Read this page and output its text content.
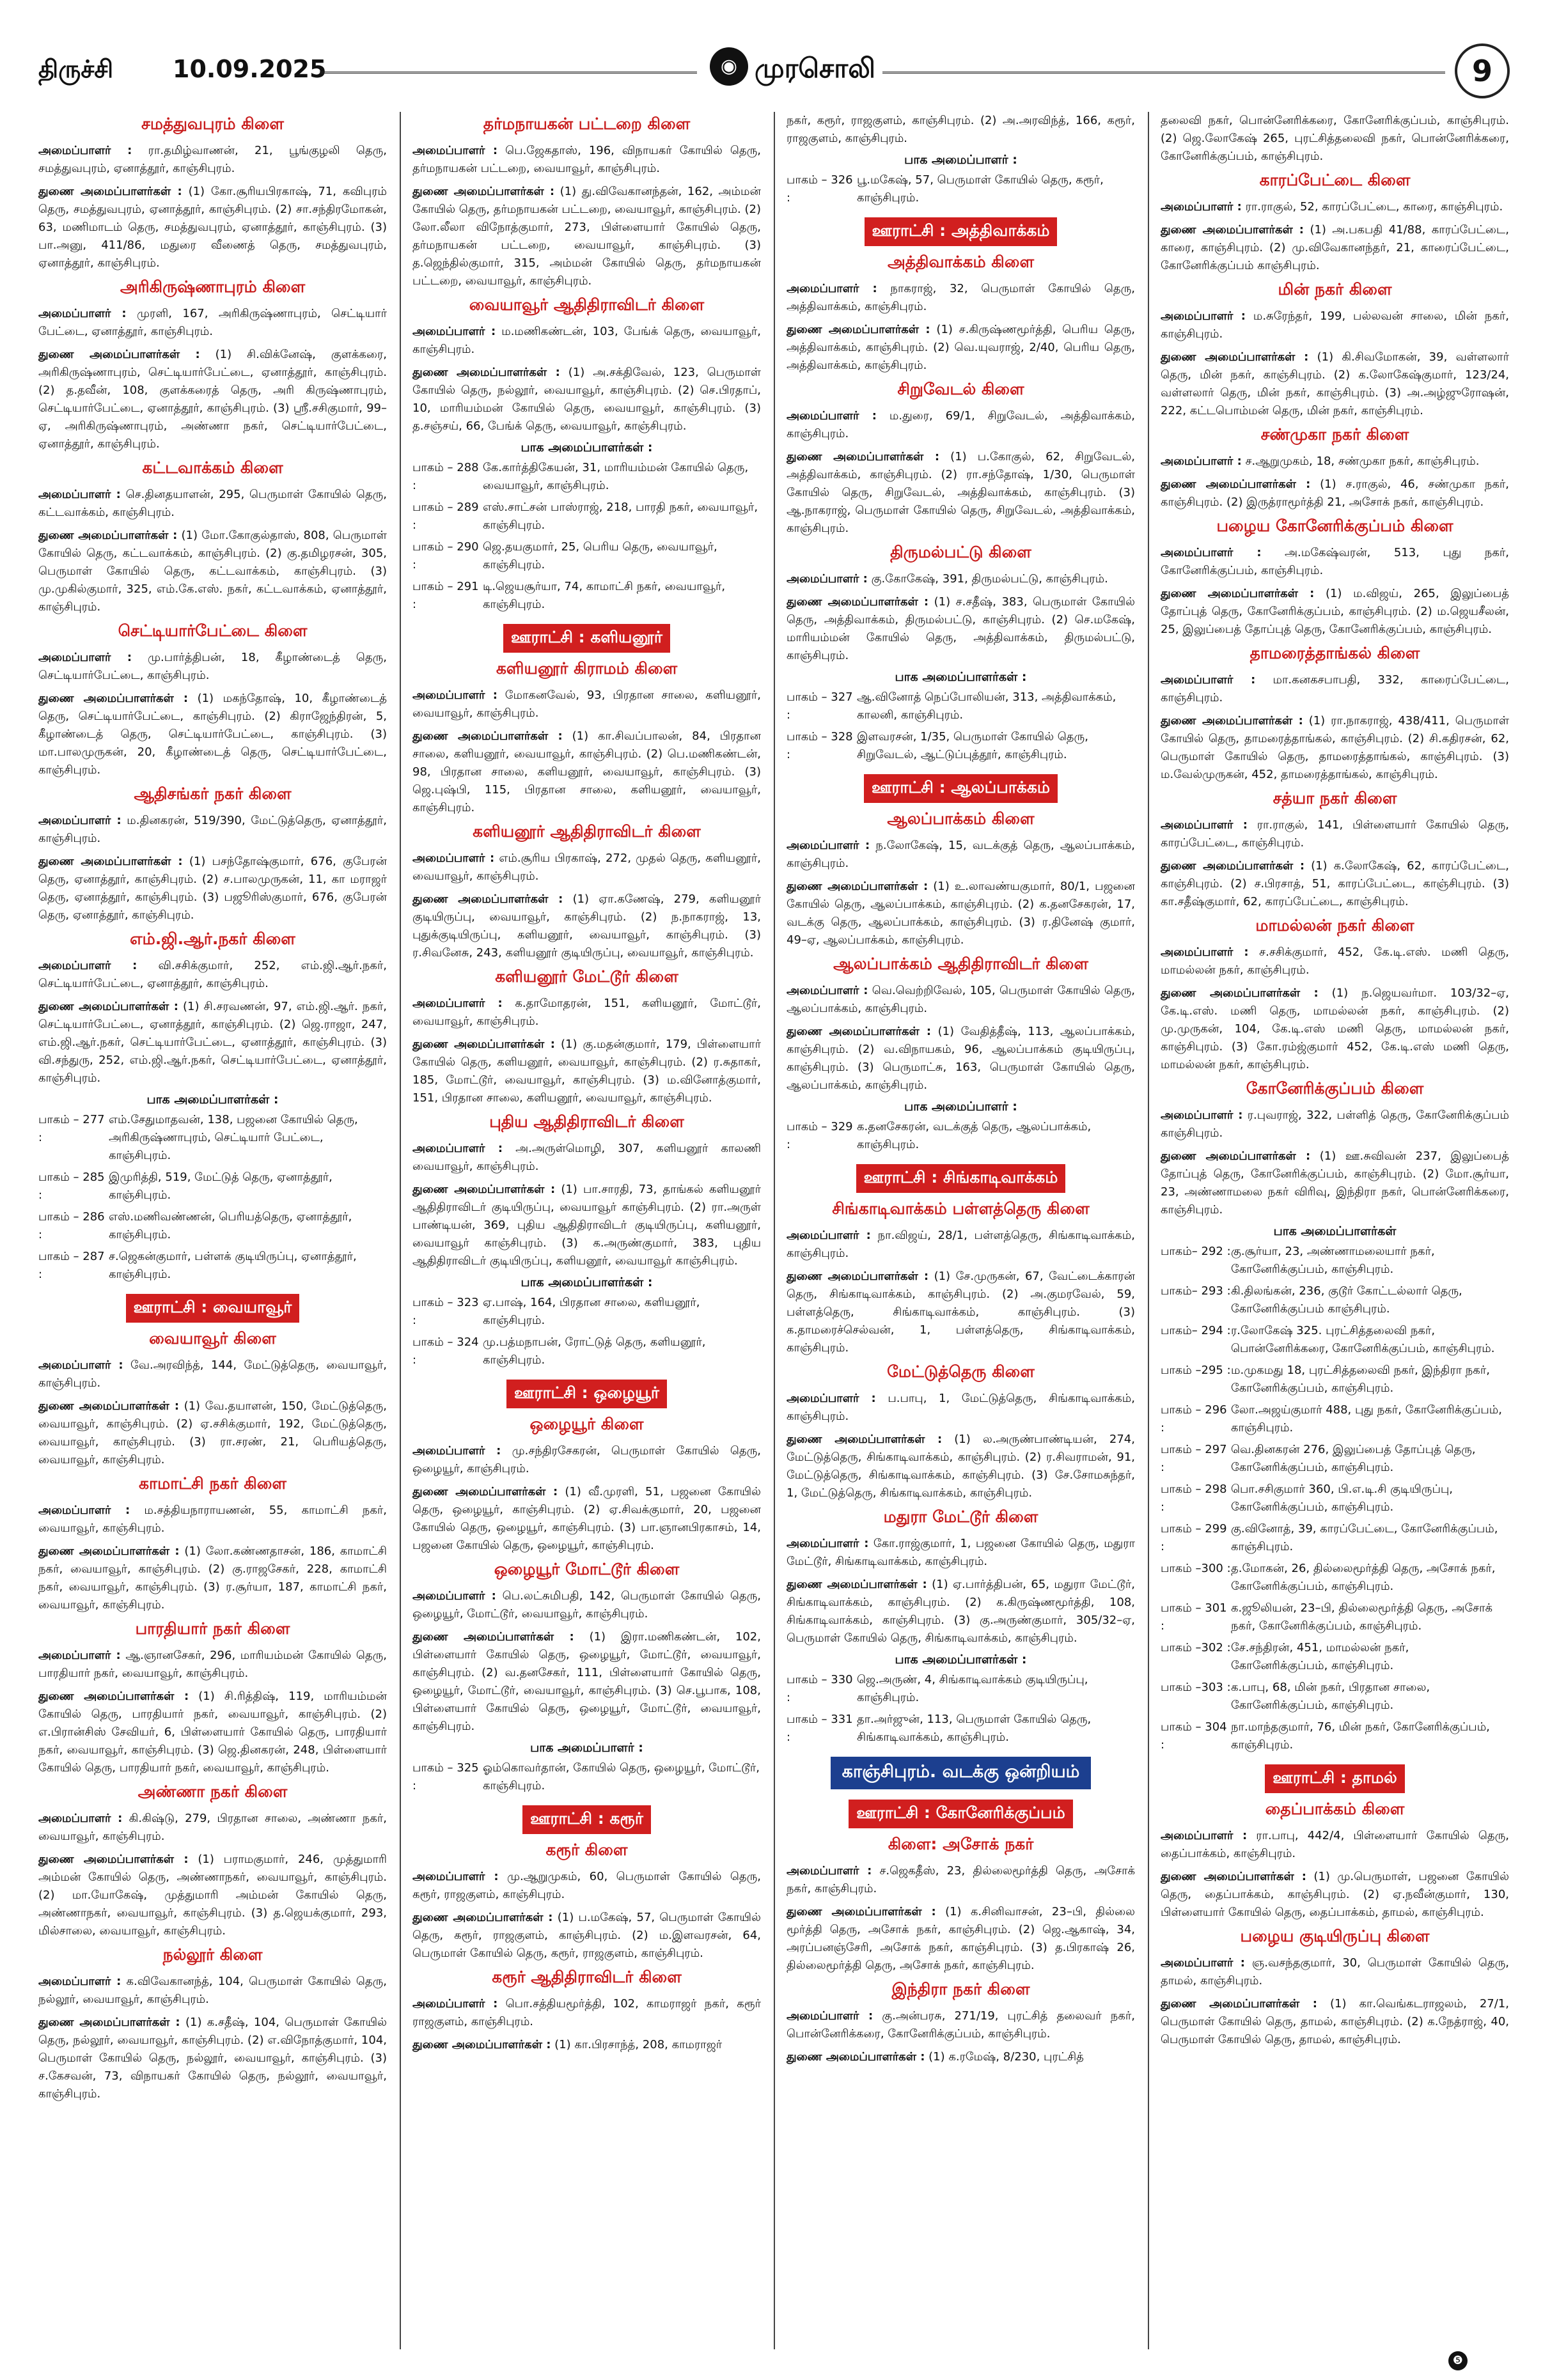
திருச்சி 10.09.2025	◉ முரசொலி	9
சமத்துவபுரம் கிளை

அமைப்பாளர் : ரா.தமிழ்வாணன், 21, பூங்குழலி தெரு, சமத்துவபுரம், ஏனாத்தூர், காஞ்சிபுரம்.

துணை அமைப்பாளர்கள் : (1) கோ.சூரியபிரகாஷ், 71, கவிபுரம் தெரு, சமத்துவபுரம், ஏனாத்தூர், காஞ்சிபுரம். (2) சா.சந்திரமோகன், 63, மணிமாடம் தெரு, சமத்துவபுரம், ஏனாத்தூர், காஞ்சிபுரம். (3) பா.அனு, 411/86, மதுரை வீணைத் தெரு, சமத்துவபுரம், ஏனாத்தூர், காஞ்சிபுரம்.

அரிகிருஷ்ணாபுரம் கிளை

அமைப்பாளர் : முரளி, 167, அரிகிருஷ்ணாபுரம், செட்டியார் பேட்டை, ஏனாத்தூர், காஞ்சிபுரம்.

துணை அமைப்பாளர்கள் : (1) சி.விக்னேஷ், குளக்கரை, அரிகிருஷ்ணாபுரம், செட்டியார்பேட்டை, ஏனாத்தூர், காஞ்சிபுரம். (2) த.தவீன், 108, குளக்கரைத் தெரு, அரி கிருஷ்ணாபுரம், செட்டியார்பேட்டை, ஏனாத்தூர், காஞ்சிபுரம். (3) ஸ்ரீ.சசிகுமார், 99–ஏ, அரிகிருஷ்ணாபுரம், அண்ணா நகர், செட்டியார்பேட்டை, ஏனாத்தூர், காஞ்சிபுரம்.

கட்டவாக்கம் கிளை

அமைப்பாளர் : செ.தினதயாளன், 295, பெருமாள் கோயில் தெரு, கட்டவாக்கம், காஞ்சிபுரம்.

துணை அமைப்பாளர்கள் : (1) மோ.கோகுல்தாஸ், 808, பெருமாள் கோயில் தெரு, கட்டவாக்கம், காஞ்சிபுரம். (2) கு.தமிழரசன், 305, பெருமாள் கோயில் தெரு, கட்டவாக்கம், காஞ்சிபுரம். (3) மு.முகில்குமார், 325, எம்.கே.எஸ். நகர், கட்டவாக்கம், ஏனாத்தூர், காஞ்சிபுரம்.

செட்டியார்பேட்டை கிளை

அமைப்பாளர் : மு.பார்த்திபன், 18, கீழாண்டைத் தெரு, செட்டியார்பேட்டை, காஞ்சிபுரம்.

துணை அமைப்பாளர்கள் : (1) மகந்தோஷ், 10, கீழாண்டைத் தெரு, செட்டியார்பேட்டை, காஞ்சிபுரம். (2) கிராஜேந்திரன், 5, கீழாண்டைத் தெரு, செட்டியார்பேட்டை, காஞ்சிபுரம். (3) மா.பாலமுருகன், 20, கீழாண்டைத் தெரு, செட்டியார்பேட்டை, காஞ்சிபுரம்.

ஆதிசங்கர் நகர் கிளை

அமைப்பாளர் : ம.தினகரன், 519/390, மேட்டுத்தெரு, ஏனாத்தூர், காஞ்சிபுரம்.

துணை அமைப்பாளர்கள் : (1) பசந்தோஷ்குமார், 676, குபேரன் தெரு, ஏனாத்தூர், காஞ்சிபுரம். (2) ச.பாலமுருகன், 11, கா மராஜர் தெரு, ஏனாத்தூர், காஞ்சிபுரம். (3) பஜூரிஸ்குமார், 676, குபேரன் தெரு, ஏனாத்தூர், காஞ்சிபுரம்.

எம்.ஜி.ஆர்.நகர் கிளை

அமைப்பாளர் : வி.சசிக்குமார், 252, எம்.ஜி.ஆர்.நகர், செட்டியார்பேட்டை, ஏனாத்தூர், காஞ்சிபுரம்.

துணை அமைப்பாளர்கள் : (1) சி.சரவணன், 97, எம்.ஜி.ஆர். நகர், செட்டியார்பேட்டை, ஏனாத்தூர், காஞ்சிபுரம். (2) ஜெ.ராஜா, 247, எம்.ஜி.ஆர்.நகர், செட்டியார்பேட்டை, ஏனாத்தூர், காஞ்சிபுரம். (3) வி.சந்துரு, 252, எம்.ஜி.ஆர்.நகர், செட்டியார்பேட்டை, ஏனாத்தூர், காஞ்சிபுரம்.

பாக அமைப்பாளர்கள் :
பாகம் – 277 :
எம்.சேதுமாதவன், 138, பஜனை கோயில் தெரு, அரிகிருஷ்ணாபுரம், செட்டியார் பேட்டை, காஞ்சிபுரம்.
பாகம் – 285 :
இமுரித்தி, 519, மேட்டுத் தெரு, ஏனாத்தூர், காஞ்சிபுரம்.
பாகம் – 286 :
எஸ்.மணிவண்ணன், பெரியத்தெரு, ஏனாத்தூர், காஞ்சிபுரம்.
பாகம் – 287 :
ச.ஜெகன்குமார், பள்ளக் குடியிருப்பு, ஏனாத்தூர், காஞ்சிபுரம்.
ஊராட்சி : வையாவூர்
வையாவூர் கிளை

அமைப்பாளர் : வே.அரவிந்த், 144, மேட்டுத்தெரு, வையாவூர், காஞ்சிபுரம்.

துணை அமைப்பாளர்கள் : (1) வே.தயாளன், 150, மேட்டுத்தெரு, வையாவூர், காஞ்சிபுரம். (2) ஏ.சசிக்குமார், 192, மேட்டுத்தெரு, வையாவூர், காஞ்சிபுரம். (3) ரா.சரண், 21, பெரியத்தெரு, வையாவூர், காஞ்சிபுரம்.

காமாட்சி நகர் கிளை

அமைப்பாளர் : ம.சத்தியநாராயணன், 55, காமாட்சி நகர், வையாவூர், காஞ்சிபுரம்.

துணை அமைப்பாளர்கள் : (1) லோ.கண்ணதாசன், 186, காமாட்சி நகர், வையாவூர், காஞ்சிபுரம். (2) கு.ராஜசேகர், 228, காமாட்சி நகர், வையாவூர், காஞ்சிபுரம். (3) ர.சூர்யா, 187, காமாட்சி நகர், வையாவூர், காஞ்சிபுரம்.

பாரதியார் நகர் கிளை

அமைப்பாளர் : ஆ.ஞானசேகர், 296, மாரியம்மன் கோயில் தெரு, பாரதியார் நகர், வையாவூர், காஞ்சிபுரம்.

துணை அமைப்பாளர்கள் : (1) சி.ரித்திஷ், 119, மாரியம்மன் கோயில் தெரு, பாரதியார் நகர், வையாவூர், காஞ்சிபுரம். (2) எ.பிரான்சிஸ் சேவியர், 6, பிள்ளையார் கோயில் தெரு, பாரதியார் நகர், வையாவூர், காஞ்சிபுரம். (3) ஜெ.தினகரன், 248, பிள்ளையார் கோயில் தெரு, பாரதியார் நகர், வையாவூர், காஞ்சிபுரம்.

அண்ணா நகர் கிளை

அமைப்பாளர் : கி.கிஷ்டு, 279, பிரதான சாலை, அண்ணா நகர், வையாவூர், காஞ்சிபுரம்.

துணை அமைப்பாளர்கள் : (1) பராமகுமார், 246, முத்துமாரி அம்மன் கோயில் தெரு, அண்ணாநகர், வையாவூர், காஞ்சிபுரம். (2) மா.யோகேஷ், முத்துமாரி அம்மன் கோயில் தெரு, அண்ணாநகர், வையாவூர், காஞ்சிபுரம். (3) த.ஜெயக்குமார், 293, மில்சாலை, வையாவூர், காஞ்சிபுரம்.

நல்லூர் கிளை

அமைப்பாளர் : க.விவேகானந்த், 104, பெருமாள் கோயில் தெரு, நல்லூர், வையாவூர், காஞ்சிபுரம்.

துணை அமைப்பாளர்கள் : (1) க.சதீஷ், 104, பெருமாள் கோயில் தெரு, நல்லூர், வையாவூர், காஞ்சிபுரம். (2) எ.விநோத்குமார், 104, பெருமாள் கோயில் தெரு, நல்லூர், வையாவூர், காஞ்சிபுரம். (3) ச.கேசவன், 73, விநாயகர் கோயில் தெரு, நல்லூர், வையாவூர், காஞ்சிபுரம்.

தர்மநாயகன் பட்டறை கிளை

அமைப்பாளர் : பெ.ஜேகதாஸ், 196, விநாயகர் கோயில் தெரு, தர்மநாயகன் பட்டறை, வையாவூர், காஞ்சிபுரம்.

துணை அமைப்பாளர்கள் : (1) து.விவேகானந்தன், 162, அம்மன் கோயில் தெரு, தர்மநாயகன் பட்டறை, வையாவூர், காஞ்சிபுரம். (2) லோ.லீலா விநோத்குமார், 273, பிள்ளையார் கோயில் தெரு, தர்மநாயகன் பட்டறை, வையாவூர், காஞ்சிபுரம். (3) த.ஜெந்தில்குமார், 315, அம்மன் கோயில் தெரு, தர்மநாயகன் பட்டறை, வையாவூர், காஞ்சிபுரம்.

வையாவூர் ஆதிதிராவிடர் கிளை

அமைப்பாளர் : ம.மணிகண்டன், 103, பேங்க் தெரு, வையாவூர், காஞ்சிபுரம்.

துணை அமைப்பாளர்கள் : (1) அ.சக்திவேல், 123, பெருமாள் கோயில் தெரு, நல்லூர், வையாவூர், காஞ்சிபுரம். (2) செ.பிரதாப், 10, மாரியம்மன் கோயில் தெரு, வையாவூர், காஞ்சிபுரம். (3) த.சஞ்சய், 66, பேங்க் தெரு, வையாவூர், காஞ்சிபுரம்.

பாக அமைப்பாளர்கள் :
பாகம் – 288 :
கே.கார்த்திகேயன், 31, மாரியம்மன் கோயில் தெரு, வையாவூர், காஞ்சிபுரம்.
பாகம் – 289 :
எஸ்.சாட்சன் பாஸ்ராஜ், 218, பாரதி நகர், வையாவூர், காஞ்சிபுரம்.
பாகம் – 290 :
ஜெ.தயகுமார், 25, பெரிய தெரு, வையாவூர், காஞ்சிபுரம்.
பாகம் – 291 :
டி.ஜெயசூர்யா, 74, காமாட்சி நகர், வையாவூர், காஞ்சிபுரம்.
ஊராட்சி : களியனூர்
களியனூர் கிராமம் கிளை

அமைப்பாளர் : மோகனவேல், 93, பிரதான சாலை, களியனூர், வையாவூர், காஞ்சிபுரம்.

துணை அமைப்பாளர்கள் : (1) கா.சிவப்பாலன், 84, பிரதான சாலை, களியனூர், வையாவூர், காஞ்சிபுரம். (2) பெ.மணிகண்டன், 98, பிரதான சாலை, களியனூர், வையாவூர், காஞ்சிபுரம். (3) ஜெ.புஷ்பி, 115, பிரதான சாலை, களியனூர், வையாவூர், காஞ்சிபுரம்.

களியனூர் ஆதிதிராவிடர் கிளை

அமைப்பாளர் : எம்.சூரிய பிரகாஷ், 272, முதல் தெரு, களியனூர், வையாவூர், காஞ்சிபுரம்.

துணை அமைப்பாளர்கள் : (1) ஏா.கணேஷ், 279, களியனூர் குடியிருப்பு, வையாவூர், காஞ்சிபுரம். (2) ந.நாகராஜ், 13, புதுக்குடியிருப்பு, களியனூர், வையாவூர், காஞ்சிபுரம். (3) ர.சிவனேசு, 243, களியனூர் குடியிருப்பு, வையாவூர், காஞ்சிபுரம்.

களியனூர் மேட்டூர் கிளை

அமைப்பாளர் : க.தாமோதரன், 151, களியனூர், மோட்டூர், வையாவூர், காஞ்சிபுரம்.

துணை அமைப்பாளர்கள் : (1) கு.மதன்குமார், 179, பிள்ளையார் கோயில் தெரு, களியனூர், வையாவூர், காஞ்சிபுரம். (2) ர.சுதாகர், 185, மோட்டூர், வையாவூர், காஞ்சிபுரம். (3) ம.வினோத்குமார், 151, பிரதான சாலை, களியனூர், வையாவூர், காஞ்சிபுரம்.

புதிய ஆதிதிராவிடர் கிளை

அமைப்பாளர் : அ.அருள்மொழி, 307, களியனூர் காலணி வையாவூர், காஞ்சிபுரம்.

துணை அமைப்பாளர்கள் : (1) பா.சாரதி, 73, தாங்கல் களியனூர் ஆதிதிராவிடர் குடியிருப்பு, வையாவூர் காஞ்சிபுரம். (2) ரா.அருள் பாண்டியன், 369, புதிய ஆதிதிராவிடர் குடியிருப்பு, களியனூர், வையாவூர் காஞ்சிபுரம். (3) க.அருண்குமார், 383, புதிய ஆதிதிராவிடர் குடியிருப்பு, களியனூர், வையாவூர் காஞ்சிபுரம்.

பாக அமைப்பாளர்கள் :
பாகம் – 323 :
ஏ.பாஷ், 164, பிரதான சாலை, களியனூர், காஞ்சிபுரம்.
பாகம் – 324 :
மு.பத்மநாபன், ரோட்டுத் தெரு, களியனூர், காஞ்சிபுரம்.
ஊராட்சி : ஒழையூர்
ஒழையூர் கிளை

அமைப்பாளர் : மு.சந்திரசேகரன், பெருமாள் கோயில் தெரு, ஒழையூர், காஞ்சிபுரம்.

துணை அமைப்பாளர்கள் : (1) வீ.முரளி, 51, பஜனை கோயில் தெரு, ஒழையூர், காஞ்சிபுரம். (2) ஏ.சிவக்குமார், 20, பஜனை கோயில் தெரு, ஒழையூர், காஞ்சிபுரம். (3) பா.ஞானபிரகாசம், 14, பஜனை கோயில் தெரு, ஒழையூர், காஞ்சிபுரம்.

ஒழையூர் மோட்டூர் கிளை

அமைப்பாளர் : பெ.லட்சுமிபதி, 142, பெருமாள் கோயில் தெரு, ஒழையூர், மோட்டூர், வையாவூர், காஞ்சிபுரம்.

துணை அமைப்பாளர்கள் : (1) இரா.மணிகண்டன், 102, பிள்ளையார் கோயில் தெரு, ஒழையூர், மோட்டூர், வையாவூர், காஞ்சிபுரம். (2) வ.தனசேகர், 111, பிள்ளையார் கோயில் தெரு, ஒழையூர், மோட்டூர், வையாவூர், காஞ்சிபுரம். (3) செ.பூபாக, 108, பிள்ளையார் கோயில் தெரு, ஒழையூர், மோட்டூர், வையாவூர், காஞ்சிபுரம்.

பாக அமைப்பாளர் :
பாகம் – 325 :
ஓம்கொவர்தான், கோயில் தெரு, ஒழையூர், மோட்டூர், காஞ்சிபுரம்.
ஊராட்சி : கரூர்
கரூர் கிளை

அமைப்பாளர் : மு.ஆறுமுகம், 60, பெருமாள் கோயில் தெரு, கரூர், ராஜகுளம், காஞ்சிபுரம்.

துணை அமைப்பாளர்கள் : (1) ப.மகேஷ், 57, பெருமாள் கோயில் தெரு, கரூர், ராஜகுளம், காஞ்சிபுரம். (2) ம.இளவரசன், 64, பெருமாள் கோயில் தெரு, கரூர், ராஜகுளம், காஞ்சிபுரம்.

கரூர் ஆதிதிராவிடர் கிளை

அமைப்பாளர் : பொ.சத்தியமூர்த்தி, 102, காமராஜர் நகர், கரூர் ராஜகுளம், காஞ்சிபுரம்.

துணை அமைப்பாளர்கள் : (1) கா.பிரசாந்த், 208, காமராஜர்

நகர், கரூர், ராஜகுளம், காஞ்சிபுரம். (2) அ.அரவிந்த், 166, கரூர், ராஜகுளம், காஞ்சிபுரம்.

பாக அமைப்பாளர் :
பாகம் – 326 :
பூ.மகேஷ், 57, பெருமாள் கோயில் தெரு, கரூர், காஞ்சிபுரம்.
ஊராட்சி : அத்திவாக்கம்
அத்திவாக்கம் கிளை

அமைப்பாளர் : நாகராஜ், 32, பெருமாள் கோயில் தெரு, அத்திவாக்கம், காஞ்சிபுரம்.

துணை அமைப்பாளர்கள் : (1) ச.கிருஷ்ணமூர்த்தி, பெரிய தெரு, அத்திவாக்கம், காஞ்சிபுரம். (2) வெ.யுவராஜ், 2/40, பெரிய தெரு, அத்திவாக்கம், காஞ்சிபுரம்.

சிறுவேடல் கிளை

அமைப்பாளர் : ம.துரை, 69/1, சிறுவேடல், அத்திவாக்கம், காஞ்சிபுரம்.

துணை அமைப்பாளர்கள் : (1) ப.கோகுல், 62, சிறுவேடல், அத்திவாக்கம், காஞ்சிபுரம். (2) ரா.சந்தோஷ், 1/30, பெருமாள் கோயில் தெரு, சிறுவேடல், அத்திவாக்கம், காஞ்சிபுரம். (3) ஆ.நாகராஜ், பெருமாள் கோயில் தெரு, சிறுவேடல், அத்திவாக்கம், காஞ்சிபுரம்.

திருமல்பட்டு கிளை

அமைப்பாளர் : கு.கோகேஷ், 391, திருமல்பட்டு, காஞ்சிபுரம்.

துணை அமைப்பாளர்கள் : (1) ச.சதீஷ், 383, பெருமாள் கோயில் தெரு, அத்திவாக்கம், திருமல்பட்டு, காஞ்சிபுரம். (2) செ.மகேஷ், மாரியம்மன் கோயில் தெரு, அத்திவாக்கம், திருமல்பட்டு, காஞ்சிபுரம்.

பாக அமைப்பாளர்கள் :
பாகம் – 327 :
ஆ.வினோத் நெப்போலியன், 313, அத்திவாக்கம், காலனி, காஞ்சிபுரம்.
பாகம் – 328 :
இளவரசன், 1/35, பெருமாள் கோயில் தெரு, சிறுவேடல், ஆட்டுப்புத்தூர், காஞ்சிபுரம்.
ஊராட்சி : ஆலப்பாக்கம்
ஆலப்பாக்கம் கிளை

அமைப்பாளர் : ந.லோகேஷ், 15, வடக்குத் தெரு, ஆலப்பாக்கம், காஞ்சிபுரம்.

துணை அமைப்பாளர்கள் : (1) உ.லாவண்யகுமார், 80/1, பஜனை கோயில் தெரு, ஆலப்பாக்கம், காஞ்சிபுரம். (2) க.தனசேகரன், 17, வடக்கு தெரு, ஆலப்பாக்கம், காஞ்சிபுரம். (3) ர.தினேஷ் குமார், 49–ஏ, ஆலப்பாக்கம், காஞ்சிபுரம்.

ஆலப்பாக்கம் ஆதிதிராவிடர் கிளை

அமைப்பாளர் : வெ.வெற்றிவேல், 105, பெருமாள் கோயில் தெரு, ஆலப்பாக்கம், காஞ்சிபுரம்.

துணை அமைப்பாளர்கள் : (1) வேதித்தீஷ், 113, ஆலப்பாக்கம், காஞ்சிபுரம். (2) வ.விநாயகம், 96, ஆலப்பாக்கம் குடியிருப்பு, காஞ்சிபுரம். (3) பெருமாட்சு, 163, பெருமாள் கோயில் தெரு, ஆலப்பாக்கம், காஞ்சிபுரம்.

பாக அமைப்பாளர் :
பாகம் – 329 :
க.தனசேகரன், வடக்குத் தெரு, ஆலப்பாக்கம், காஞ்சிபுரம்.
ஊராட்சி : சிங்காடிவாக்கம்
சிங்காடிவாக்கம் பள்ளத்தெரு கிளை

அமைப்பாளர் : நா.விஜய், 28/1, பள்ளத்தெரு, சிங்காடிவாக்கம், காஞ்சிபுரம்.

துணை அமைப்பாளர்கள் : (1) சே.முருகன், 67, வேட்டைக்காரன் தெரு, சிங்காடிவாக்கம், காஞ்சிபுரம். (2) அ.குமரவேல், 59, பள்ளத்தெரு, சிங்காடிவாக்கம், காஞ்சிபுரம். (3) க.தாமரைச்செல்வன், 1, பள்ளத்தெரு, சிங்காடிவாக்கம், காஞ்சிபுரம்.

மேட்டுத்தெரு கிளை

அமைப்பாளர் : ப.பாபு, 1, மேட்டுத்தெரு, சிங்காடிவாக்கம், காஞ்சிபுரம்.

துணை அமைப்பாளர்கள் : (1) ல.அருண்பாண்டியன், 274, மேட்டுத்தெரு, சிங்காடிவாக்கம், காஞ்சிபுரம். (2) ர.சிவராமன், 91, மேட்டுத்தெரு, சிங்காடிவாக்கம், காஞ்சிபுரம். (3) சே.சோமசுந்தர், 1, மேட்டுத்தெரு, சிங்காடிவாக்கம், காஞ்சிபுரம்.

மதுரா மேட்டூர் கிளை

அமைப்பாளர் : கோ.ராஜ்குமார், 1, பஜனை கோயில் தெரு, மதுரா மேட்டூர், சிங்காடிவாக்கம், காஞ்சிபுரம்.

துணை அமைப்பாளர்கள் : (1) ஏ.பார்த்திபன், 65, மதுரா மேட்டூர், சிங்காடிவாக்கம், காஞ்சிபுரம். (2) க.கிருஷ்ணமூர்த்தி, 108, சிங்காடிவாக்கம், காஞ்சிபுரம். (3) கு.அருண்குமார், 305/32–ஏ, பெருமாள் கோயில் தெரு, சிங்காடிவாக்கம், காஞ்சிபுரம்.

பாக அமைப்பாளர்கள் :
பாகம் – 330 :
ஜெ.அருண், 4, சிங்காடிவாக்கம் குடியிருப்பு, காஞ்சிபுரம்.
பாகம் – 331 :
தா.அர்ஜுன், 113, பெருமாள் கோயில் தெரு, சிங்காடிவாக்கம், காஞ்சிபுரம்.
காஞ்சிபுரம். வடக்கு ஒன்றியம்
ஊராட்சி : கோனேரிக்குப்பம்
கிளை: அசோக் நகர்

அமைப்பாளர் : ச.ஜெகதீஸ், 23, தில்லைமூர்த்தி தெரு, அசோக் நகர், காஞ்சிபுரம்.

துணை அமைப்பாளர்கள் : (1) க.சினிவாசன், 23–பி, தில்லை மூர்த்தி தெரு, அசோக் நகர், காஞ்சிபுரம். (2) ஜெ.ஆகாஷ், 34, அரப்பனஞ்சேரி, அசோக் நகர், காஞ்சிபுரம். (3) த.பிரகாஷ் 26, தில்லைமூர்த்தி தெரு, அசோக் நகர், காஞ்சிபுரம்.

இந்திரா நகர் கிளை

அமைப்பாளர் : கு.அன்பரசு, 271/19, புரட்சித் தலைவர் நகர், பொன்னேரிக்கரை, கோனேரிக்குப்பம், காஞ்சிபுரம்.

துணை அமைப்பாளர்கள் : (1) க.ரமேஷ், 8/230, புரட்சித்

தலைவி நகர், பொன்னேரிக்கரை, கோனேரிக்குப்பம், காஞ்சிபுரம். (2) ஜெ.லோகேஷ் 265, புரட்சித்தலைவி நகர், பொன்னேரிக்கரை, கோனேரிக்குப்பம், காஞ்சிபுரம்.

காரப்பேட்டை கிளை

அமைப்பாளர் : ரா.ராகுல், 52, காரப்பேட்டை, காரை, காஞ்சிபுரம்.

துணை அமைப்பாளர்கள் : (1) அ.பகபதி 41/88, காரப்பேட்டை, காரை, காஞ்சிபுரம். (2) மு.விவேகானந்தர், 21, காரைப்பேட்டை, கோனேரிக்குப்பம் காஞ்சிபுரம்.

மின் நகர் கிளை

அமைப்பாளர் : ம.சுரேந்தர், 199, பல்லவன் சாலை, மின் நகர், காஞ்சிபுரம்.

துணை அமைப்பாளர்கள் : (1) கி.சிவமோகன், 39, வள்ளலார் தெரு, மின் நகர், காஞ்சிபுரம். (2) க.லோகேஷ்குமார், 123/24, வள்ளலார் தெரு, மின் நகர், காஞ்சிபுரம். (3) அ.அழ்ஜுரோஷன், 222, கட்டபொம்மன் தெரு, மின் நகர், காஞ்சிபுரம்.

சண்முகா நகர் கிளை

அமைப்பாளர் : ச.ஆறுமுகம், 18, சண்முகா நகர், காஞ்சிபுரம்.

துணை அமைப்பாளர்கள் : (1) ச.ராகுல், 46, சண்முகா நகர், காஞ்சிபுரம். (2) இருத்ராமூர்த்தி 21, அசோக் நகர், காஞ்சிபுரம்.

பழைய கோனேரிக்குப்பம் கிளை

அமைப்பாளர் : அ.மகேஷ்வரன், 513, புது நகர், கோனேரிக்குப்பம், காஞ்சிபுரம்.

துணை அமைப்பாளர்கள் : (1) ம.விஜய், 265, இலுப்பைத் தோப்புத் தெரு, கோனேரிக்குப்பம், காஞ்சிபுரம். (2) ம.ஜெயசீலன், 25, இலுப்பைத் தோப்புத் தெரு, கோனேரிக்குப்பம், காஞ்சிபுரம்.

தாமரைத்தாங்கல் கிளை

அமைப்பாளர் : மா.கனகசபாபதி, 332, காரைப்பேட்டை, காஞ்சிபுரம்.

துணை அமைப்பாளர்கள் : (1) ரா.நாகராஜ், 438/411, பெருமாள் கோயில் தெரு, தாமரைத்தாங்கல், காஞ்சிபுரம். (2) சி.கதிரசன், 62, பெருமாள் கோயில் தெரு, தாமரைத்தாங்கல், காஞ்சிபுரம். (3) ம.வேல்முருகன், 452, தாமரைத்தாங்கல், காஞ்சிபுரம்.

சத்யா நகர் கிளை

அமைப்பாளர் : ரா.ராகுல், 141, பிள்ளையார் கோயில் தெரு, காரப்பேட்டை, காஞ்சிபுரம்.

துணை அமைப்பாளர்கள் : (1) க.லோகேஷ், 62, காரப்பேட்டை, காஞ்சிபுரம். (2) ச.பிரசாத், 51, காரப்பேட்டை, காஞ்சிபுரம். (3) கா.சதீஷ்குமார், 62, காரப்பேட்டை, காஞ்சிபுரம்.

மாமல்லன் நகர் கிளை

அமைப்பாளர் : ச.சசிக்குமார், 452, கே.டி.எஸ். மணி தெரு, மாமல்லன் நகர், காஞ்சிபுரம்.

துணை அமைப்பாளர்கள் : (1) ந.ஜெயவர்மா. 103/32–ஏ, கே.டி.எஸ். மணி தெரு, மாமல்லன் நகர், காஞ்சிபுரம். (2) மு.முருகன், 104, கே.டி.எஸ் மணி தெரு, மாமல்லன் நகர், காஞ்சிபுரம். (3) கோ.ரம்ஜ்குமார் 452, கே.டி.எஸ் மணி தெரு, மாமல்லன் நகர், காஞ்சிபுரம்.

கோனேரிக்குப்பம் கிளை

அமைப்பாளர் : ர.புவராஜ், 322, பள்ளித் தெரு, கோனேரிக்குப்பம் காஞ்சிபுரம்.

துணை அமைப்பாளர்கள் : (1) ஊ.சுவிவன் 237, இலுப்பைத் தோப்புத் தெரு, கோனேரிக்குப்பம், காஞ்சிபுரம். (2) மோ.சூர்யா, 23, அண்ணாமலை நகர் விரிவு, இந்திரா நகர், பொன்னேரிக்கரை, காஞ்சிபுரம்.

பாக அமைப்பாளர்கள்
பாகம்– 292 : கு.சூர்யா, 23, அண்ணாமலையார் நகர், கோனேரிக்குப்பம், காஞ்சிபுரம்.
பாகம்– 293 : கி.திலங்கன், 236, குடூர் கோட்டல்லார் தெரு, கோனேரிக்குப்பம் காஞ்சிபுரம்.
பாகம்– 294 : ர.லோகேஷ் 325. புரட்சித்தலைவி நகர், பொன்னேரிக்கரை, கோனேரிக்குப்பம், காஞ்சிபுரம்.
பாகம் –295 : ம.முகமது 18, புரட்சித்தலைவி நகர், இந்திரா நகர், கோனேரிக்குப்பம், காஞ்சிபுரம்.
பாகம் – 296 :
லோ.அஜய்குமார் 488, புது நகர், கோனேரிக்குப்பம், காஞ்சிபுரம்.
பாகம் – 297 :
வெ.தினகரன் 276, இலுப்பைத் தோப்புத் தெரு, கோனேரிக்குப்பம், காஞ்சிபுரம்.
பாகம் – 298 :
பொ.சசிகுமார் 360, பி.எ.டி.சி குடியிருப்பு, கோனேரிக்குப்பம், காஞ்சிபுரம்.
பாகம் – 299 :
கு.வினோத், 39, காரப்பேட்டை, கோனேரிக்குப்பம், காஞ்சிபுரம்.
பாகம் –300 : த.மோகன், 26, தில்லைமூர்த்தி தெரு, அசோக் நகர், கோனேரிக்குப்பம், காஞ்சிபுரம்.
பாகம் – 301 :
க.ஜூலியன், 23–பி, தில்லைமூர்த்தி தெரு, அசோக் நகர், கோனேரிக்குப்பம், காஞ்சிபுரம்.
பாகம் –302 : சே.சந்திரன், 451, மாமல்லன் நகர், கோனேரிக்குப்பம், காஞ்சிபுரம்.
பாகம் –303 : க.பாபு, 68, மின் நகர், பிரதான சாலை, கோனேரிக்குப்பம், காஞ்சிபுரம்.
பாகம் – 304 :
நா.மாந்தகுமார், 76, மின் நகர், கோனேரிக்குப்பம், காஞ்சிபுரம்.
ஊராட்சி : தாமல்
தைப்பாக்கம் கிளை

அமைப்பாளர் : ரா.பாபு, 442/4, பிள்ளையார் கோயில் தெரு, தைப்பாக்கம், காஞ்சிபுரம்.

துணை அமைப்பாளர்கள் : (1) மு.பெருமாள், பஜனை கோயில் தெரு, தைப்பாக்கம், காஞ்சிபுரம். (2) ஏ.நவீன்குமார், 130, பிள்ளையார் கோயில் தெரு, தைப்பாக்கம், தாமல், காஞ்சிபுரம்.

பழைய குடியிருப்பு கிளை

அமைப்பாளர் : ஞ.வசந்தகுமார், 30, பெருமாள் கோயில் தெரு, தாமல், காஞ்சிபுரம்.

துணை அமைப்பாளர்கள் : (1) கா.வெங்கடராஜலம், 27/1, பெருமாள் கோயில் தெரு, தாமல், காஞ்சிபுரம். (2) க.நேத்ராஜ், 40, பெருமாள் கோயில் தெரு, தாமல், காஞ்சிபுரம்.

❺
